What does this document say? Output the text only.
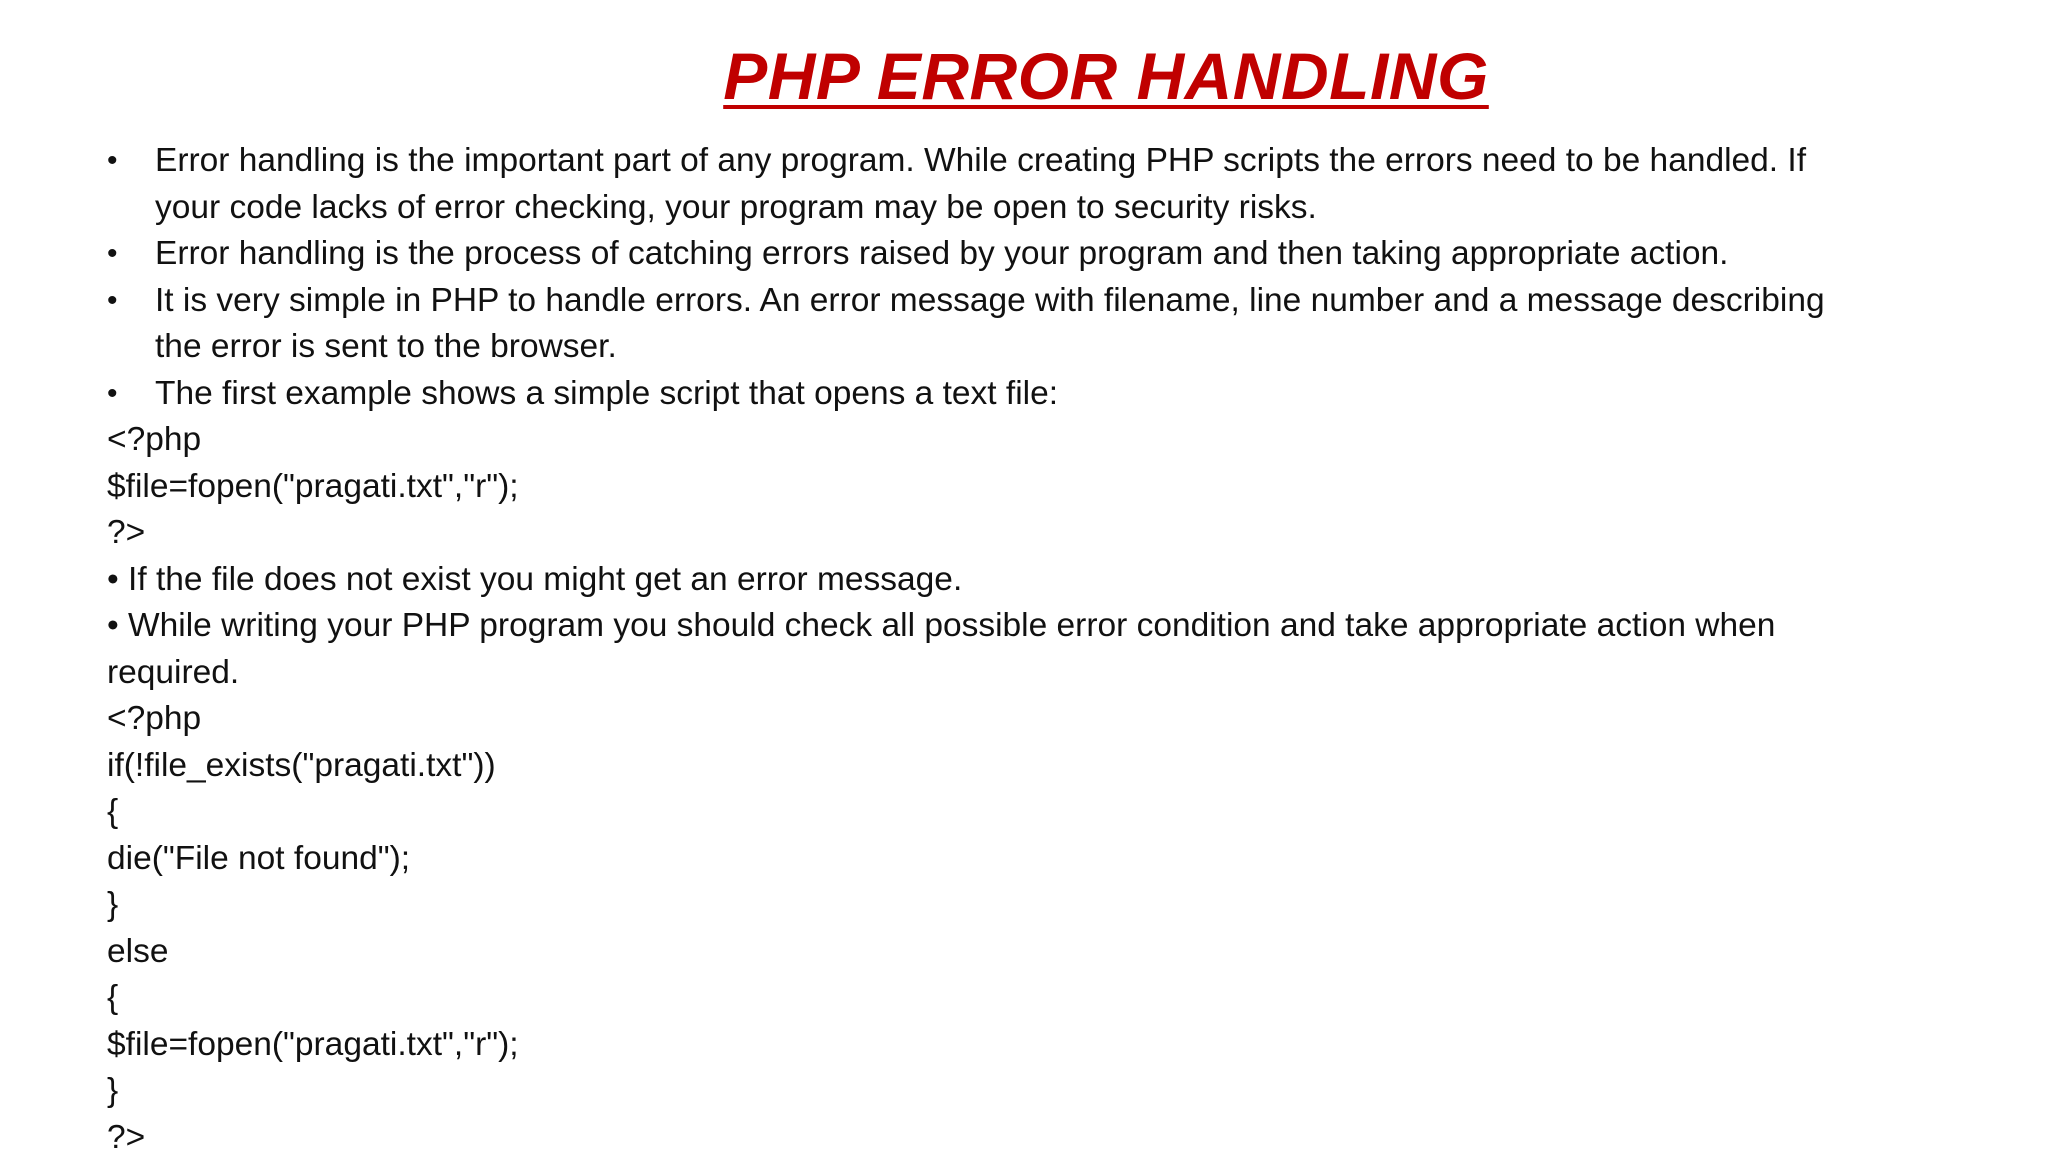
PHP ERROR HANDLING
• Error handling is the important part of any program. While creating PHP scripts the errors need to be handled. If your code lacks of error checking, your program may be open to security risks.
• Error handling is the process of catching errors raised by your program and then taking appropriate action.
• It is very simple in PHP to handle errors. An error message with filename, line number and a message describing the error is sent to the browser.
• The first example shows a simple script that opens a text file:
<?php
$file=fopen("pragati.txt","r");
?>
• If the file does not exist you might get an error message.
• While writing your PHP program you should check all possible error condition and take appropriate action when required.
<?php
if(!file_exists("pragati.txt"))
{
die("File not found");
}
else
{
$file=fopen("pragati.txt","r");
}
?>
